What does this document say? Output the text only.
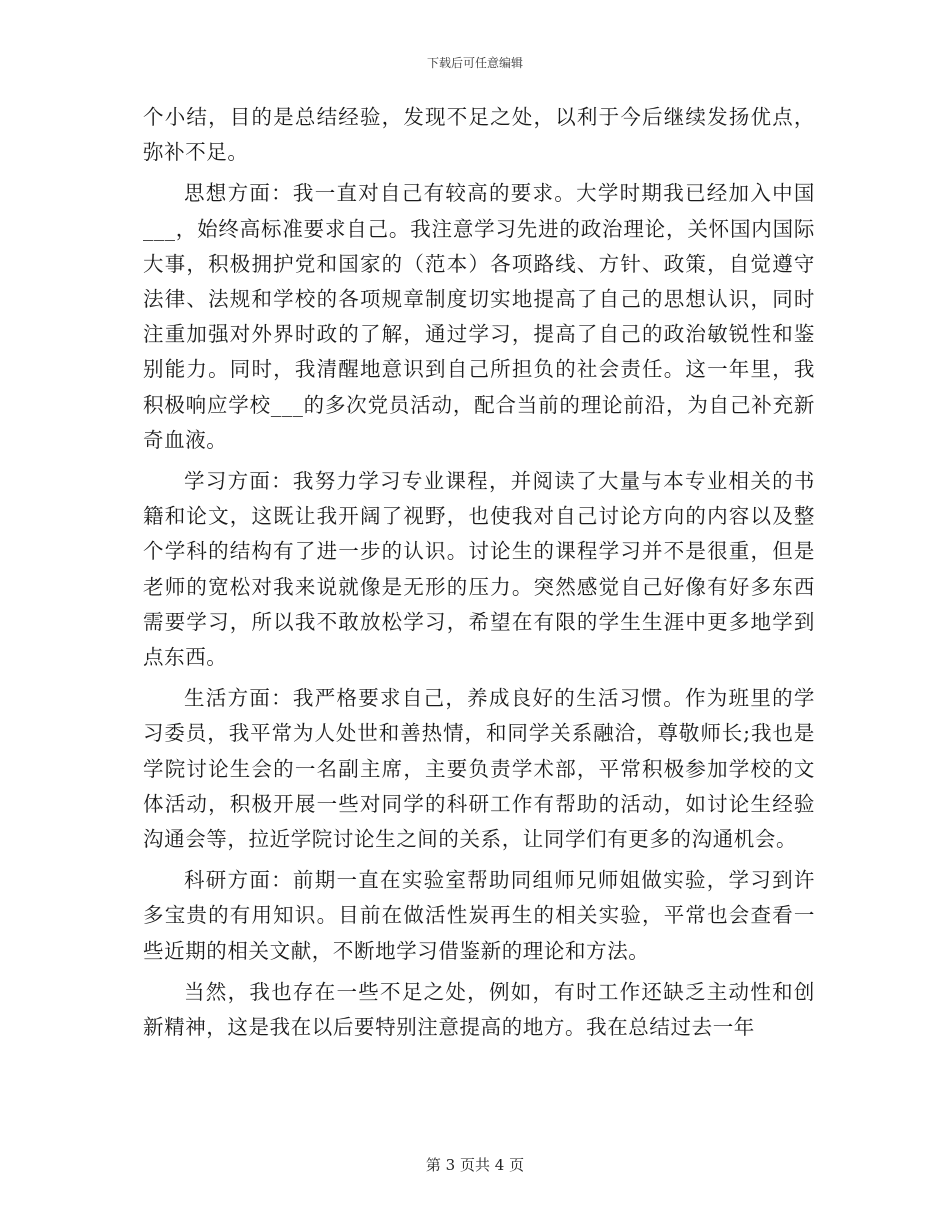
下载后可任意编辑

个小结，目的是总结经验，发现不足之处，以利于今后继续发扬优点，弥补不足。

思想方面：我一直对自己有较高的要求。大学时期我已经加入中国___，始终高标准要求自己。我注意学习先进的政治理论，关怀国内国际大事，积极拥护党和国家的（范本）各项路线、方针、政策，自觉遵守法律、法规和学校的各项规章制度切实地提高了自己的思想认识，同时注重加强对外界时政的了解，通过学习，提高了自己的政治敏锐性和鉴别能力。同时，我清醒地意识到自己所担负的社会责任。这一年里，我积极响应学校___的多次党员活动，配合当前的理论前沿，为自己补充新奇血液。

学习方面：我努力学习专业课程，并阅读了大量与本专业相关的书籍和论文，这既让我开阔了视野，也使我对自己讨论方向的内容以及整个学科的结构有了进一步的认识。讨论生的课程学习并不是很重，但是老师的宽松对我来说就像是无形的压力。突然感觉自己好像有好多东西需要学习，所以我不敢放松学习，希望在有限的学生生涯中更多地学到点东西。

生活方面：我严格要求自己，养成良好的生活习惯。作为班里的学习委员，我平常为人处世和善热情，和同学关系融洽，尊敬师长;我也是学院讨论生会的一名副主席，主要负责学术部，平常积极参加学校的文体活动，积极开展一些对同学的科研工作有帮助的活动，如讨论生经验沟通会等，拉近学院讨论生之间的关系，让同学们有更多的沟通机会。

科研方面：前期一直在实验室帮助同组师兄师姐做实验，学习到许多宝贵的有用知识。目前在做活性炭再生的相关实验，平常也会查看一些近期的相关文献，不断地学习借鉴新的理论和方法。

当然，我也存在一些不足之处，例如，有时工作还缺乏主动性和创新精神，这是我在以后要特别注意提高的地方。我在总结过去一年

第 3 页共 4 页
